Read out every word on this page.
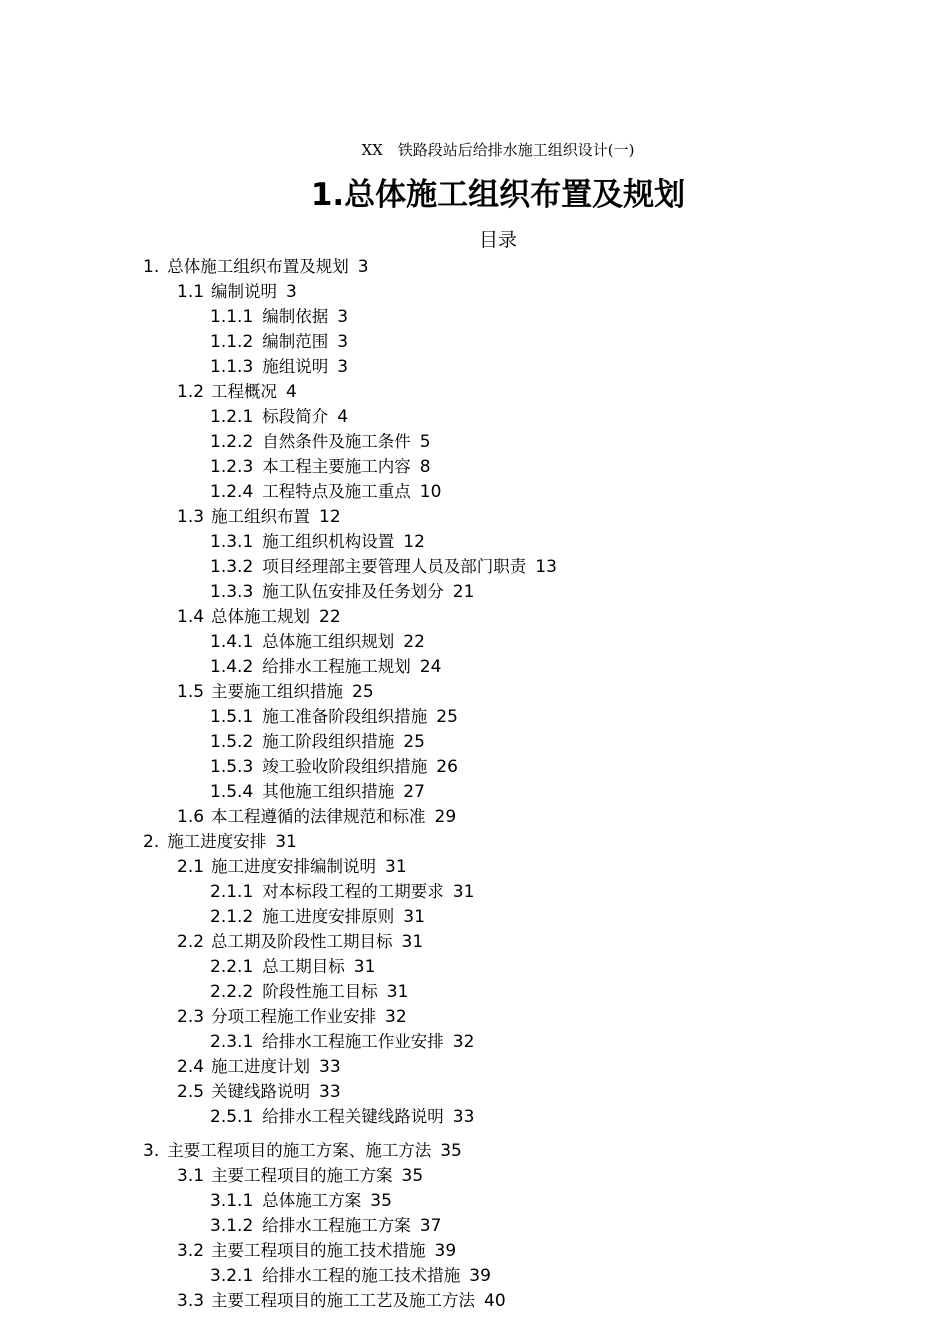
XX　铁路段站后给排水施工组织设计(一)
1.总体施工组织布置及规划
目录
1. 总体施工组织布置及规划 3
1.1 编制说明 3
1.1.1 编制依据 3
1.1.2 编制范围 3
1.1.3 施组说明 3
1.2 工程概况 4
1.2.1 标段简介 4
1.2.2 自然条件及施工条件 5
1.2.3 本工程主要施工内容 8
1.2.4 工程特点及施工重点 10
1.3 施工组织布置 12
1.3.1 施工组织机构设置 12
1.3.2 项目经理部主要管理人员及部门职责 13
1.3.3 施工队伍安排及任务划分 21
1.4 总体施工规划 22
1.4.1 总体施工组织规划 22
1.4.2 给排水工程施工规划 24
1.5 主要施工组织措施 25
1.5.1 施工准备阶段组织措施 25
1.5.2 施工阶段组织措施 25
1.5.3 竣工验收阶段组织措施 26
1.5.4 其他施工组织措施 27
1.6 本工程遵循的法律规范和标准 29
2. 施工进度安排 31
2.1 施工进度安排编制说明 31
2.1.1 对本标段工程的工期要求 31
2.1.2 施工进度安排原则 31
2.2 总工期及阶段性工期目标 31
2.2.1 总工期目标 31
2.2.2 阶段性施工目标 31
2.3 分项工程施工作业安排 32
2.3.1 给排水工程施工作业安排 32
2.4 施工进度计划 33
2.5 关键线路说明 33
2.5.1 给排水工程关键线路说明 33
3. 主要工程项目的施工方案、施工方法 35
3.1 主要工程项目的施工方案 35
3.1.1 总体施工方案 35
3.1.2 给排水工程施工方案 37
3.2 主要工程项目的施工技术措施 39
3.2.1 给排水工程的施工技术措施 39
3.3 主要工程项目的施工工艺及施工方法 40
